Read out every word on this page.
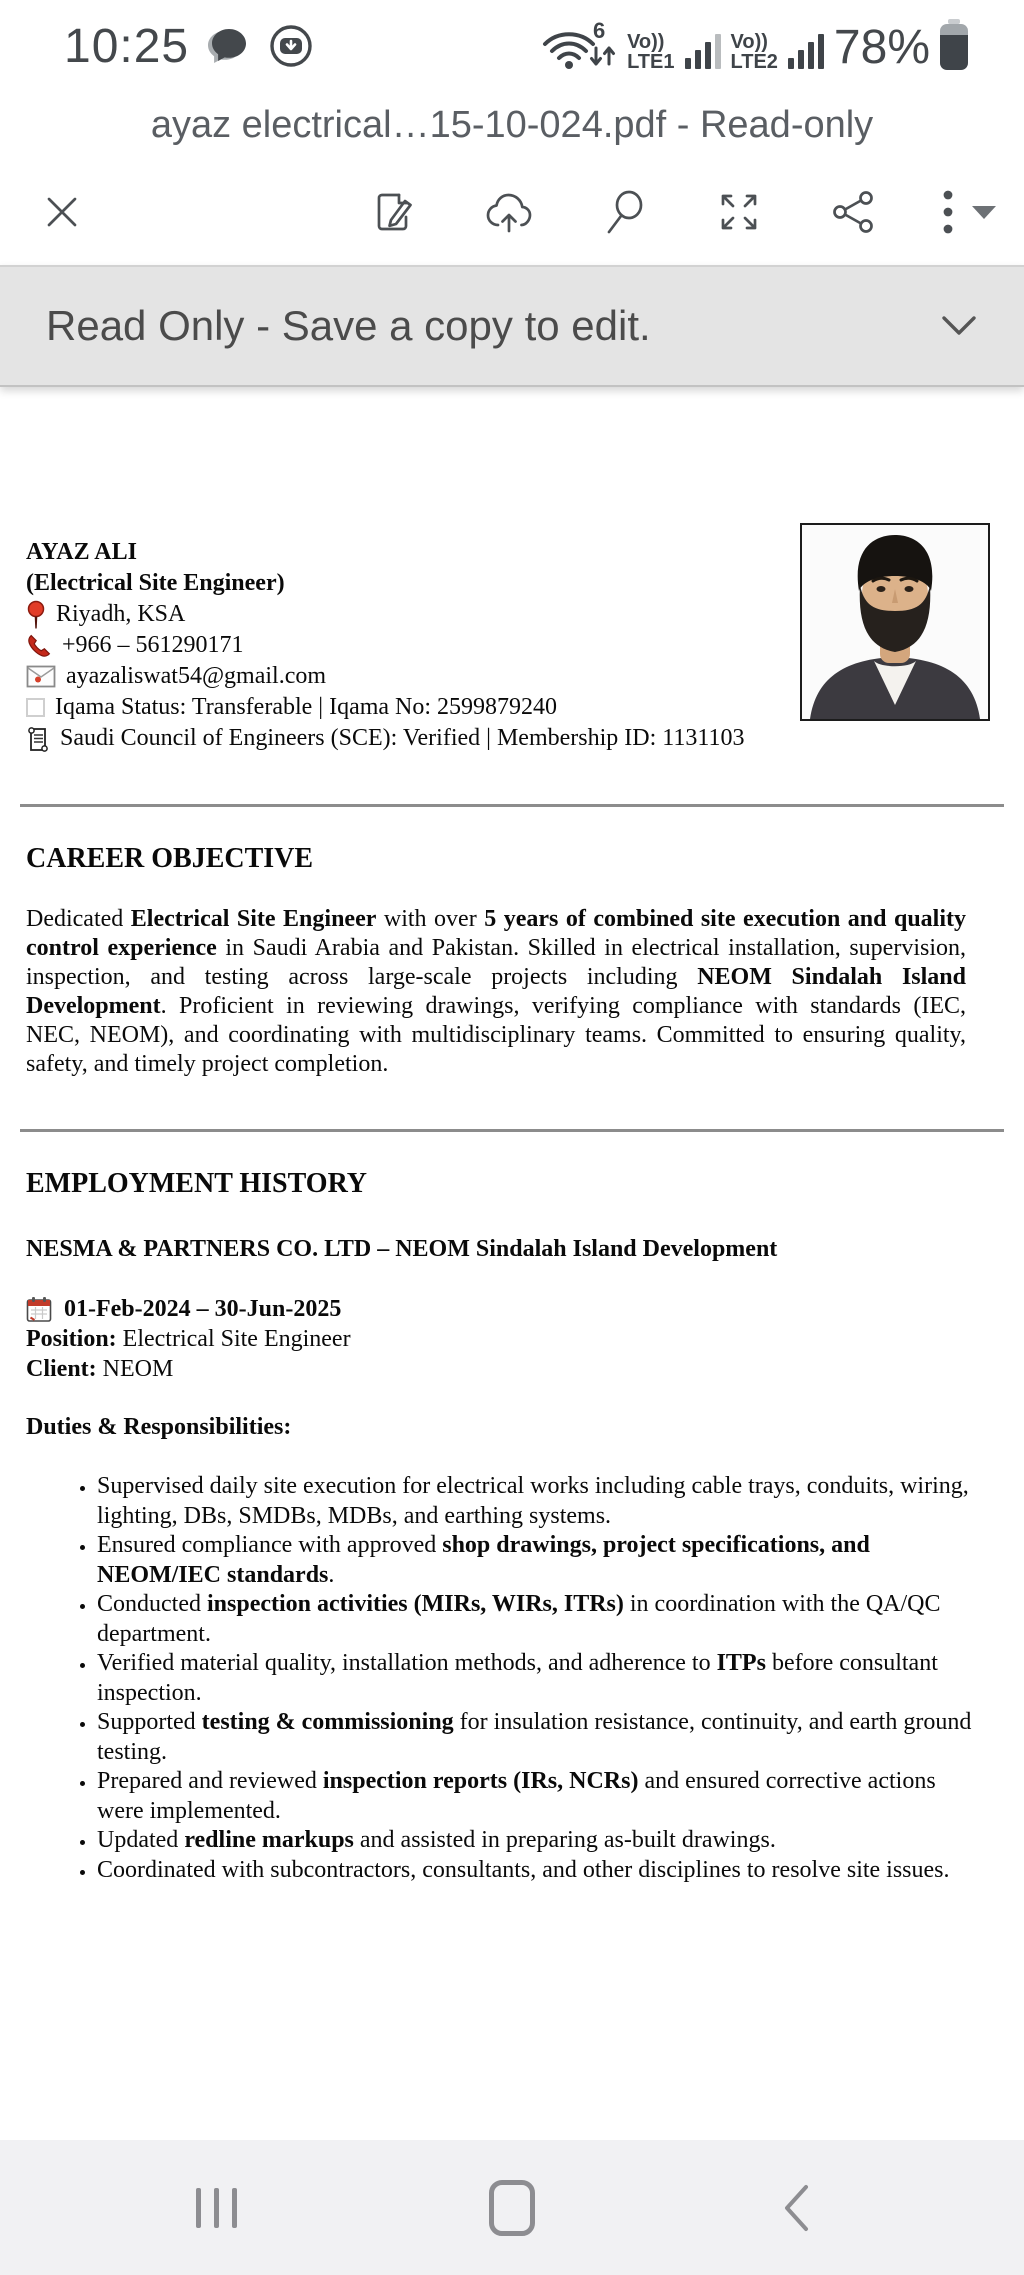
10:25	6 Vo))
LTE1
Vo))
LTE2 78%
ayaz electrical…15-10-024.pdf - Read-only
Read Only - Save a copy to edit.
AYAZ ALI
(Electrical Site Engineer)
Riyadh, KSA
+966 – 561290171
ayazaliswat54@gmail.com
Iqama Status: Transferable | Iqama No: 2599879240
Saudi Council of Engineers (SCE): Verified | Membership ID: 1131103
CAREER OBJECTIVE

Dedicated Electrical Site Engineer with over 5 years of combined site execution and quality control experience in Saudi Arabia and Pakistan. Skilled in electrical installation, supervision, inspection, and testing across large-scale projects including NEOM Sindalah Island Development. Proficient in reviewing drawings, verifying compliance with standards (IEC, NEC, NEOM), and coordinating with multidisciplinary teams. Committed to ensuring quality, safety, and timely project completion.

EMPLOYMENT HISTORY
NESMA & PARTNERS CO. LTD – NEOM Sindalah Island Development
01-Feb-2024 – 30-Jun-2025
Position: Electrical Site Engineer
Client: NEOM
Duties & Responsibilities:
• Supervised daily site execution for electrical works including cable trays, conduits, wiring, lighting, DBs, SMDBs, MDBs, and earthing systems.
• Ensured compliance with approved shop drawings, project specifications, and NEOM/IEC standards.
• Conducted inspection activities (MIRs, WIRs, ITRs) in coordination with the QA/QC department.
• Verified material quality, installation methods, and adherence to ITPs before consultant inspection.
• Supported testing & commissioning for insulation resistance, continuity, and earth ground testing.
• Prepared and reviewed inspection reports (IRs, NCRs) and ensured corrective actions were implemented.
• Updated redline markups and assisted in preparing as-built drawings.
• Coordinated with subcontractors, consultants, and other disciplines to resolve site issues.
